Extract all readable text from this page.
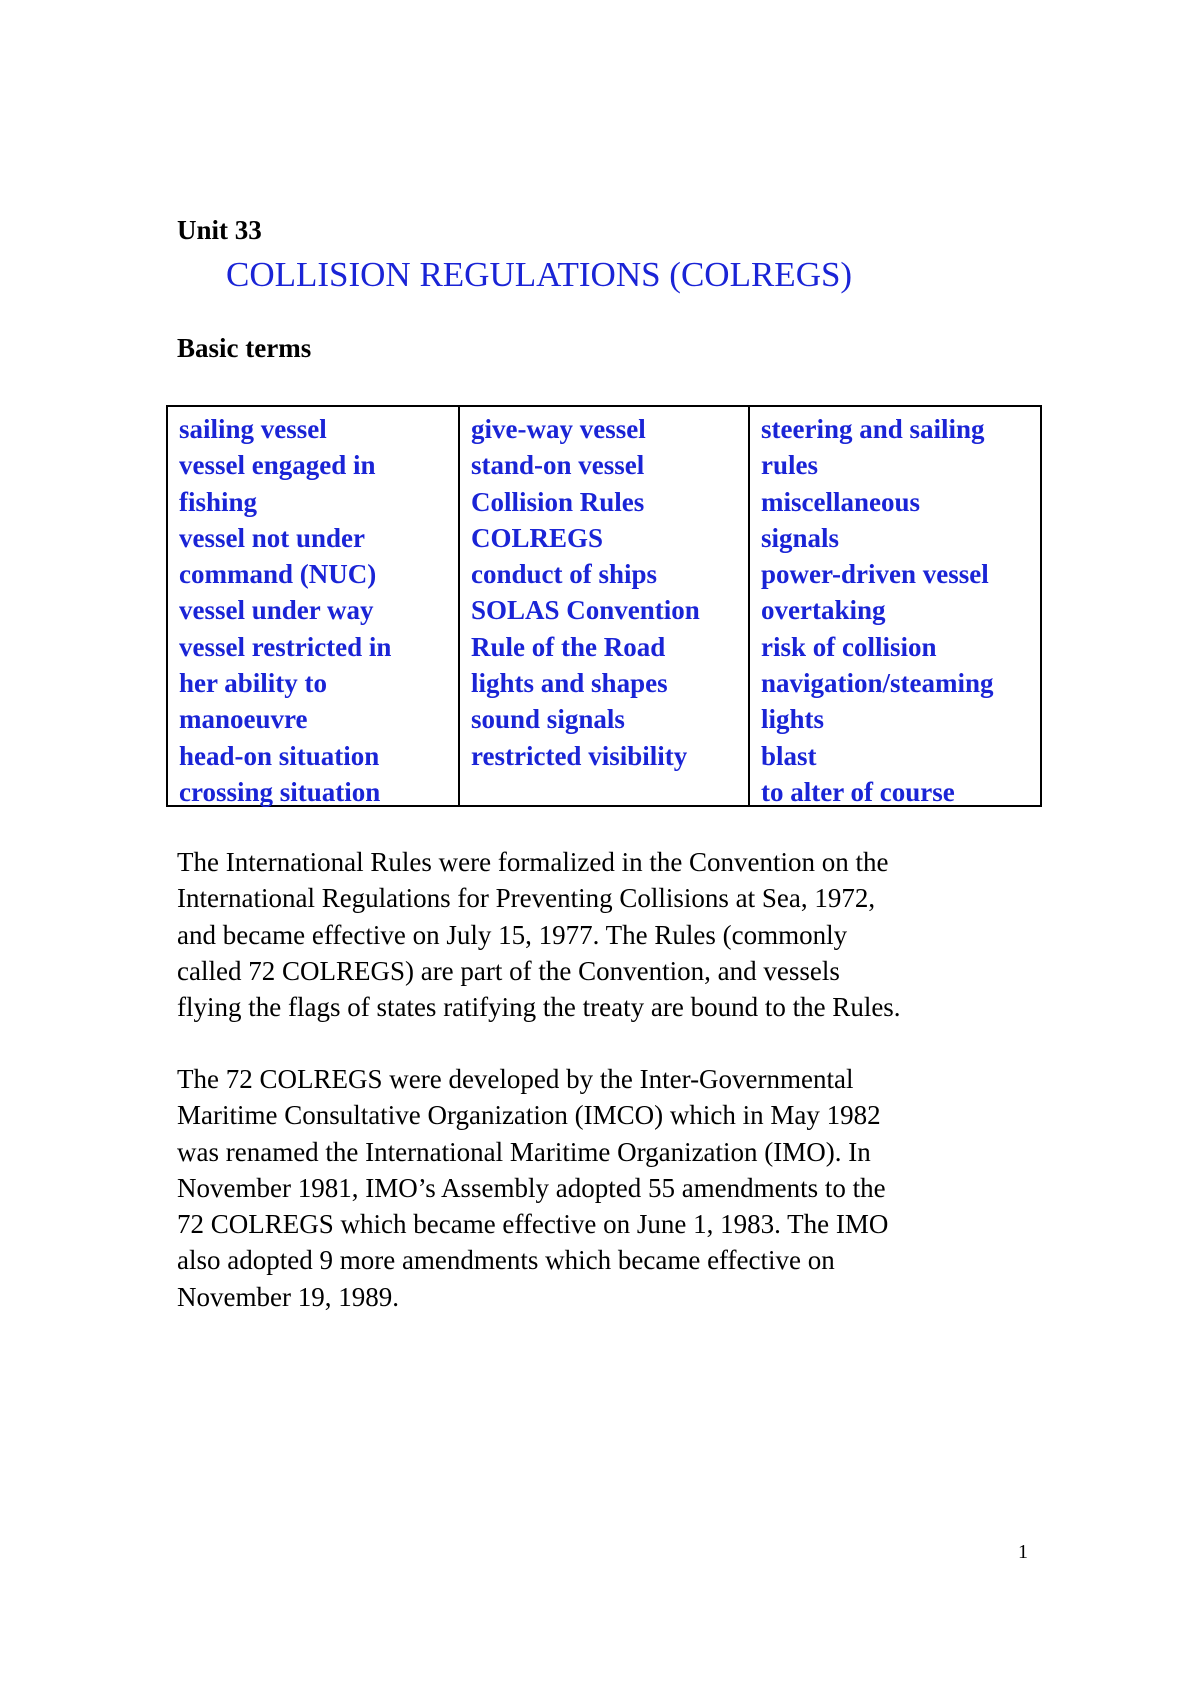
Unit 33
COLLISION REGULATIONS (COLREGS)
Basic terms
sailing vessel
vessel engaged in
fishing
vessel not under
command (NUC)
vessel under way
vessel restricted in
her ability to
manoeuvre
head-on situation
crossing situation
give-way vessel
stand-on vessel
Collision Rules
COLREGS
conduct of ships
SOLAS Convention
Rule of the Road
lights and shapes
sound signals
restricted visibility
steering and sailing
rules
miscellaneous
signals
power-driven vessel
overtaking
risk of collision
navigation/steaming
lights
blast
to alter of course
The International Rules were formalized in the Convention on the
International Regulations for Preventing Collisions at Sea, 1972,
and became effective on July 15, 1977. The Rules (commonly
called 72 COLREGS) are part of the Convention, and vessels
flying the flags of states ratifying the treaty are bound to the Rules.
The 72 COLREGS were developed by the Inter-Governmental
Maritime Consultative Organization (IMCO) which in May 1982
was renamed the International Maritime Organization (IMO). In
November 1981, IMO’s Assembly adopted 55 amendments to the
72 COLREGS which became effective on June 1, 1983. The IMO
also adopted 9 more amendments which became effective on
November 19, 1989.
1
